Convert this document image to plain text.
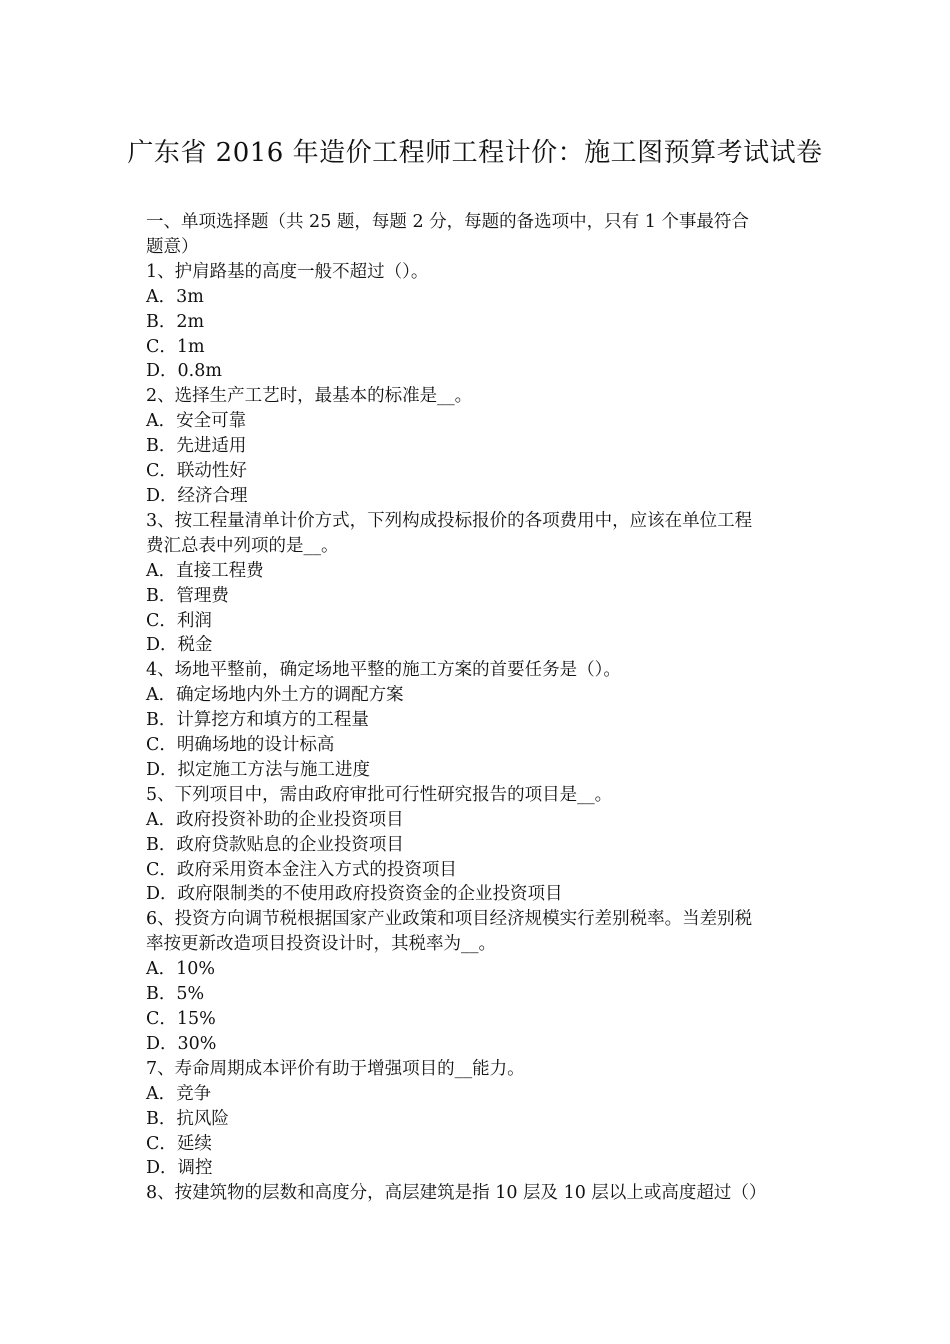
广东省 2016 年造价工程师工程计价：施工图预算考试试卷
一、单项选择题（共 25 题，每题 2 分，每题的备选项中，只有 1 个事最符合
题意）
1、护肩路基的高度一般不超过（）。
A．3m
B．2m
C．1m
D．0.8m
2、选择生产工艺时，最基本的标准是__。
A．安全可靠
B．先进适用
C．联动性好
D．经济合理
3、按工程量清单计价方式，下列构成投标报价的各项费用中，应该在单位工程
费汇总表中列项的是__。
A．直接工程费
B．管理费
C．利润
D．税金
4、场地平整前，确定场地平整的施工方案的首要任务是（）。
A．确定场地内外土方的调配方案
B．计算挖方和填方的工程量
C．明确场地的设计标高
D．拟定施工方法与施工进度
5、下列项目中，需由政府审批可行性研究报告的项目是__。
A．政府投资补助的企业投资项目
B．政府贷款贴息的企业投资项目
C．政府采用资本金注入方式的投资项目
D．政府限制类的不使用政府投资资金的企业投资项目
6、投资方向调节税根据国家产业政策和项目经济规模实行差别税率。当差别税
率按更新改造项目投资设计时，其税率为__。
A．10%
B．5%
C．15%
D．30%
7、寿命周期成本评价有助于增强项目的__能力。
A．竞争
B．抗风险
C．延续
D．调控
8、按建筑物的层数和高度分，高层建筑是指 10 层及 10 层以上或高度超过（）
